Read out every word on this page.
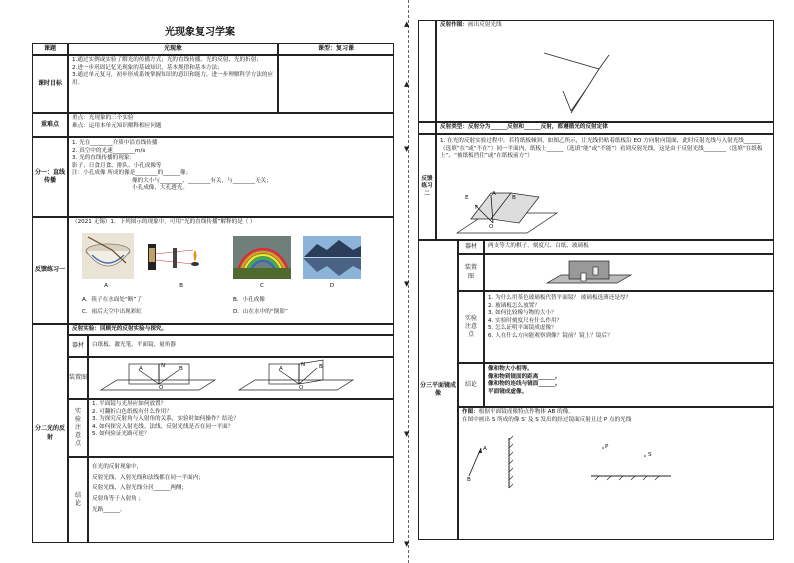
光现象复习学案
课题	光现象	课型：复习课
课时目标
1.通过实例或实验了解光的传播方式；光的直线传播、光的反射、光的折射；
2.进一步巩固记忆光现象的基础知识，基本规律和基本方法；
3.通过单元复习，初步形成系统掌握知识的意识和能力，进一步理解科学方法的应用。
重难点
重点：光现象的三个实验
难点：运用本单元知识解释相应问题
分一：直线传播
1. 光在________介质中沿直线传播
2. 真空中的光速________m/s
3. 光的直线传播的现象：
影子、日食月食、排队、小孔成像等
注：小孔成像 所成的像是________的______像；
像的大小与________、________有关，与________无关；
小孔成像，大孔透光。
反馈练习一
（2021 无锡）1．下列图示的现象中，可用“光的直线传播”解释的是（ ）
A	B	C	D
A．筷子在水面处“断”了	B．小孔成像
C．雨后天空中出现彩虹	D．山在水中的“倒影”
分二光的反射
反射实验：回顾光的反射实验与探究。
器材	白纸板、激光笔、平面镜、量角器
装置图
A	N B
O
A
N B
O
实验注意点
1. 平面镜与光屏应如何放置？
2. 可翻折白色纸板有什么作用？
3. 为探究反射角与入射角的关系，实验时如何操作？结论？
4. 如何探究入射光线、法线、反射光线是否在同一平面？
5. 如何验证光路可逆？
结论
在光的反射现象中，
反射光线、入射光线和法线都在同一平面内；
反射光线、入射光线分居______两侧；
反射角等于入射角 ；
光路______。
▲
▲
▼
▼
▼
▼
反射作图：画出反射光线
反射类型：反射分为______反射和______反射，都遵循光的反射定律
反馈练习二
1. 在光的反射实验过程中，若将纸板倾斜，如图乙所示，让光线仍贴着纸板沿 EO 方向射向镜面，此时反射光线与入射光线______（选填“在”或“不在”）同一平面内，纸板上______（选填“能”或“不能”）看到反射光线，这是由于反射光线________（选填“在纸板上”、“被纸板挡住”或“在纸板前方”）
E
A
B
F
O
分三平面镜成像
器材	两支等大的棋子、刻度尺、白纸、玻璃板
装置图
实验注意点
1. 为什么用茶色玻璃板代替平面镜？ 玻璃板选薄还是厚？
2. 玻璃板怎么放置？
3. 如何比较像与物的大小？
4. 实验时刻度尺有什么作用？
5. 怎么证明平面镜成虚像？
6. 人在什么方向能观察到像？镜前？镜上？镜后？
结论
像和物大小相等。
像和物到镜面的距离______。
像和物的连线与镜面______。
平面镜成虚像。
作图：根据平面镜成像特点作物体 AB 的像。
在图中画出 S 所成的像 S′ 及 S 发出的经过镜面反射且过 P 点的光线
A
B
P
S
